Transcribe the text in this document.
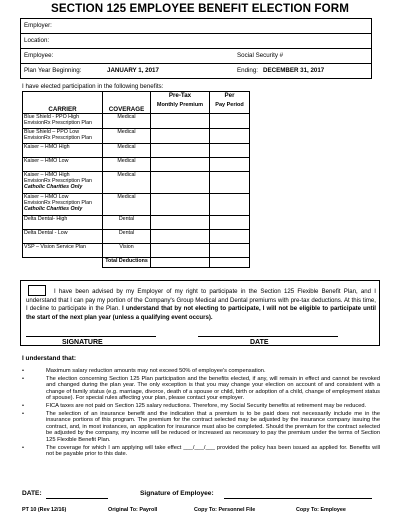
SECTION 125 EMPLOYEE BENEFIT ELECTION FORM
Employer:
Location:
Employee:	Social Security #
Plan Year Beginning:	JANUARY 1, 2017	Ending: DECEMBER 31, 2017
I have elected participation in the following benefits:
CARRIER	COVERAGE	Pre-Tax	Per
		Monthly Premium	Pay Period

Blue Shield - PPO High
EnvisionRx Prescription Plan	Medical		

Blue Shield – PPO Low
EnvisionRx Prescription Plan	Medical		

Kaiser – HMO High	Medical		

Kaiser – HMO Low	Medical		

Kaiser – HMO High
EnvisionRx Prescription Plan
Catholic Charities Only	Medical		

Kaiser – HMO Low
EnvisionRx Prescription Plan
Catholic Charities Only	Medical		

Delta Dental- High	Dental		

Delta Dental - Low	Dental		

VSP – Vision Service Plan	Vision		
	Total Deductions		
I have been advised by my Employer of my right to participate in the Section 125 Flexible Benefit Plan, and I understand that I can pay my portion of the Company's Group Medical and Dental premiums with pre-tax deductions. At this time, I decline to participate in the Plan. I understand that by not electing to participate, I will not be eligible to participate until the start of the next plan year (unless a qualifying event occurs).
SIGNATURE	DATE
I understand that:
•	Maximum salary reduction amounts may not exceed 50% of employee's compensation.
•	The election concerning Section 125 Plan participation and the benefits elected, if any, will remain in effect and cannot be revoked and changed during the plan year. The only exception is that you may change your election on account of and consistent with a change of family status (e.g. marriage, divorce, death of a spouse or child, birth or adoption of a child, change of employment status of spouse). For special rules affecting your plan, please contact your employer.
•	FICA taxes are not paid on Section 125 salary reductions. Therefore, my Social Security benefits at retirement may be reduced.
•	The selection of an insurance benefit and the indication that a premium is to be paid does not necessarily include me in the insurance portions of this program. The premium for the contract selected may be adjusted by the insurance company issuing the contract, and, in most instances, an application for insurance must also be completed. Should the premium for the contract selected be adjusted by the company, my income will be reduced or increased as necessary to pay the premium under the terms of Section 125 Flexible Benefit Plan.
•	The coverage for which I am applying will take effect ___/___/___ provided the policy has been issued as applied for. Benefits will not be payable prior to this date.
DATE:	Signature of Employee:
PT 10 (Rev 12/16)	Original To: Payroll	Copy To: Personnel File	Copy To: Employee
